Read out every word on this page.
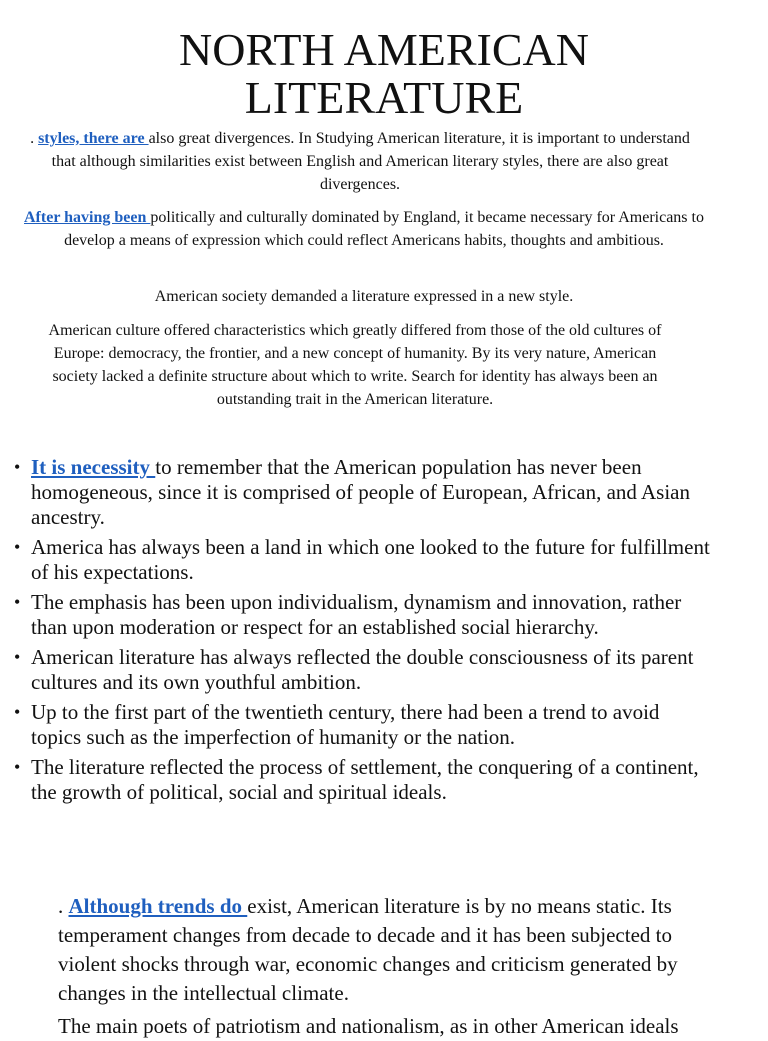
NORTH AMERICAN
LITERATURE

. styles, there are also great divergences. In Studying American literature, it is important to understand that although similarities exist between English and American literary styles, there are also great divergences.

After having been politically and culturally dominated by England, it became necessary for Americans to develop a means of expression which could reflect Americans habits, thoughts and ambitious.

American society demanded a literature expressed in a new style.

American culture offered characteristics which greatly differed from those of the old cultures of Europe: democracy, the frontier, and a new concept of humanity. By its very nature, American society lacked a definite structure about which to write. Search for identity has always been an outstanding trait in the American literature.

• It is necessity to remember that the American population has never been homogeneous, since it is comprised of people of European, African, and Asian ancestry.
• America has always been a land in which one looked to the future for fulfillment of his expectations.
• The emphasis has been upon individualism, dynamism and innovation, rather than upon moderation or respect for an established social hierarchy.
• American literature has always reflected the double consciousness of its parent cultures and its own youthful ambition.
• Up to the first part of the twentieth century, there had been a trend to avoid topics such as the imperfection of humanity or the nation.
• The literature reflected the process of settlement, the conquering of a continent, the growth of political, social and spiritual ideals.

. Although trends do exist, American literature is by no means static. Its temperament changes from decade to decade and it has been subjected to violent shocks through war, economic changes and criticism generated by changes in the intellectual climate.

The main poets of patriotism and nationalism, as in other American ideals
